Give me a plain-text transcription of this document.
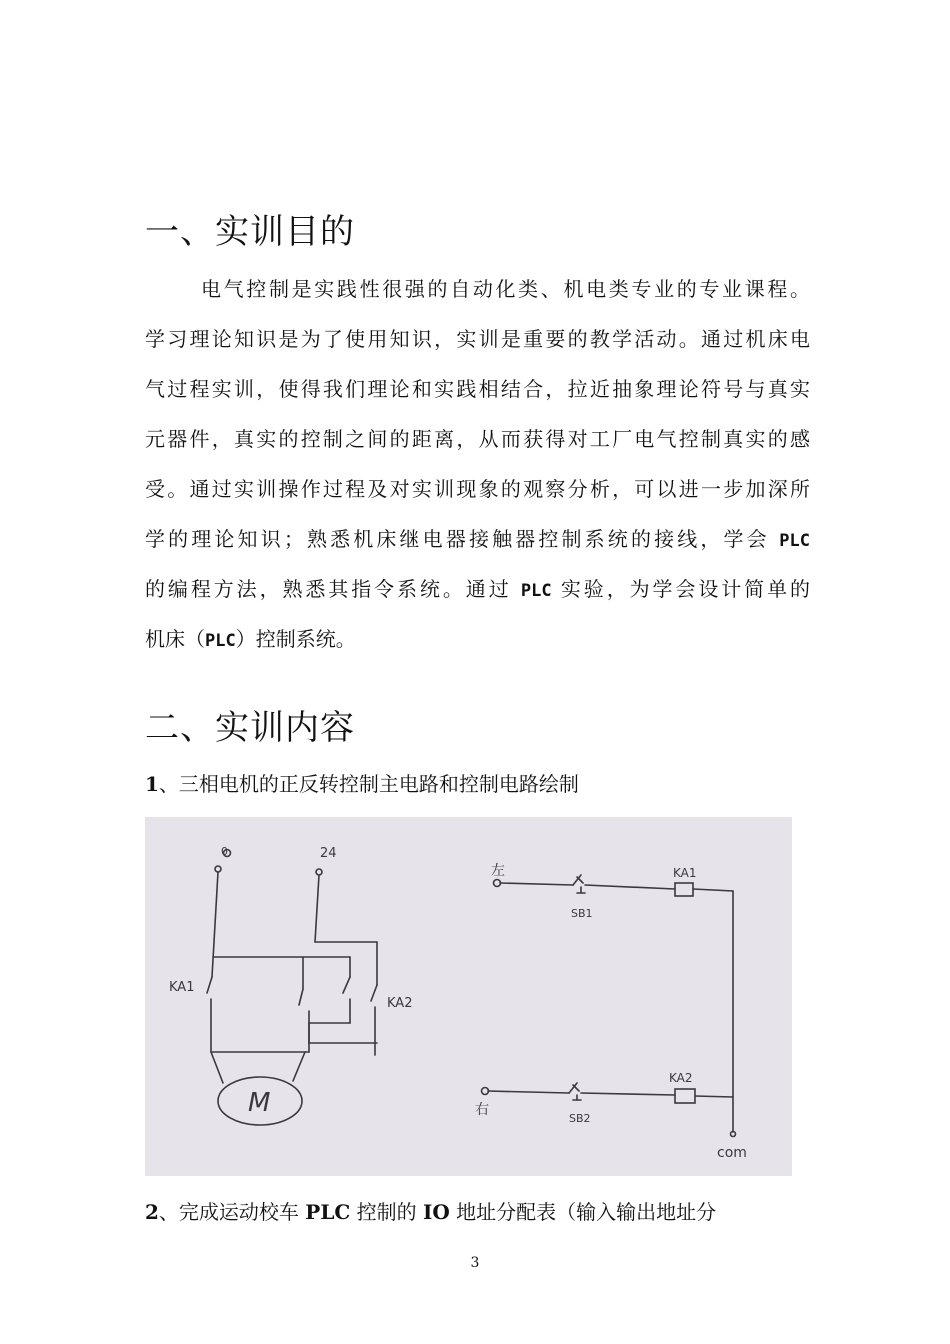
一、实训目的
电气控制是实践性很强的自动化类、机电类专业的专业课程。
学习理论知识是为了使用知识，实训是重要的教学活动。通过机床电
气过程实训，使得我们理论和实践相结合，拉近抽象理论符号与真实
元器件，真实的控制之间的距离，从而获得对工厂电气控制真实的感
受。通过实训操作过程及对实训现象的观察分析，可以进一步加深所
学的理论知识；熟悉机床继电器接触器控制系统的接线，学会 PLC
的编程方法，熟悉其指令系统。通过 PLC 实验，为学会设计简单的
机床（PLC）控制系统。
二、实训内容
1、三相电机的正反转控制主电路和控制电路绘制
0	24
KA1
KA2
M
左
SB1
KA1
右
SB2
KA2
com
2、完成运动校车 PLC 控制的 IO 地址分配表（输入输出地址分
3
